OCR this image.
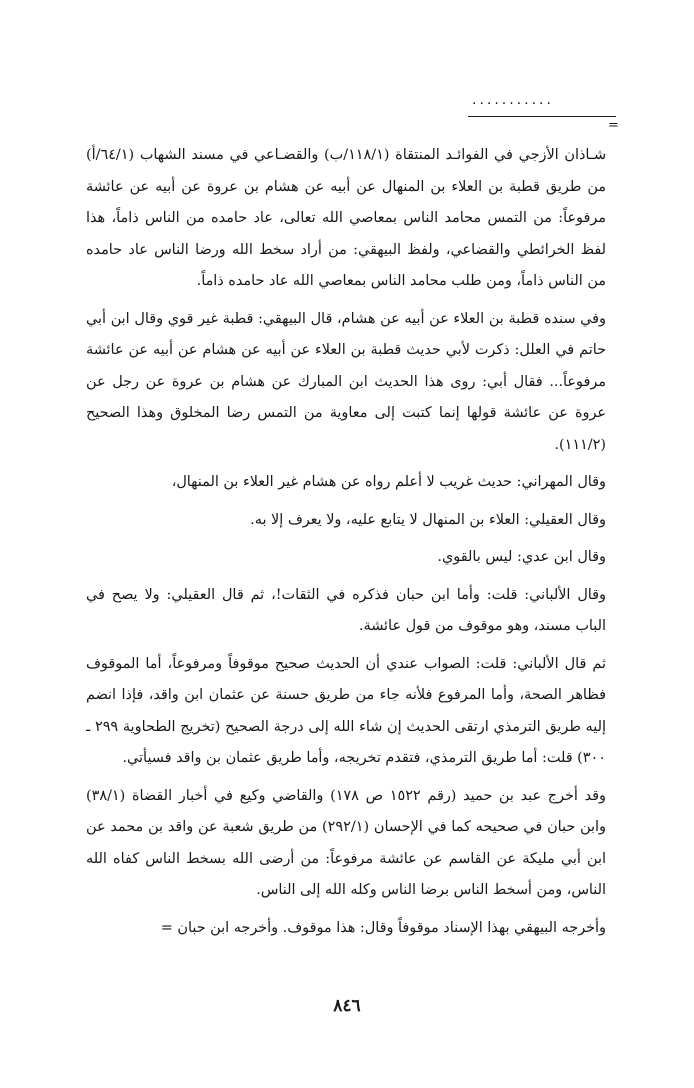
...........
=

شـاذان الأزجي في الفوائـد المنتقاة (١١٨/١/ب) والقضـاعي في مسند الشهاب (٦٤/١/أ) من طريق قطبة بن العلاء بن المنهال عن أبيه عن هشام بن عروة عن أبيه عن عائشة مرفوعاً: من التمس محامد الناس بمعاصي الله تعالى، عاد حامده من الناس ذاماً، هذا لفظ الخرائطي والقضاعي، ولفظ البيهقي: من أراد سخط الله ورضا الناس عاد حامده من الناس ذاماً، ومن طلب محامد الناس بمعاصي الله عاد حامده ذاماً.

وفي سنده قطبة بن العلاء عن أبيه عن هشام، قال البيهقي: قطبة غير قوي وقال ابن أبي حاتم في العلل: ذكرت لأبي حديث قطبة بن العلاء عن أبيه عن هشام عن أبيه عن عائشة مرفوعاً... فقال أبي: روى هذا الحديث ابن المبارك عن هشام بن عروة عن رجل عن عروة عن عائشة قولها إنما كتبت إلى معاوية من التمس رضا المخلوق وهذا الصحيح (١١١/٢).

وقال المهراني: حديث غريب لا أعلم رواه عن هشام غير العلاء بن المنهال،

وقال العقيلي: العلاء بن المنهال لا يتابع عليه، ولا يعرف إلا به.

وقال ابن عدي: ليس بالقوي.

وقال الألباني: قلت: وأما ابن حبان فذكره في الثقات!، ثم قال العقيلي: ولا يصح في الباب مسند، وهو موقوف من قول عائشة.

ثم قال الألباني: قلت: الصواب عندي أن الحديث صحيح موقوفاً ومرفوعاً، أما الموقوف فظاهر الصحة، وأما المرفوع فلأنه جاء من طريق حسنة عن عثمان ابن واقد، فإذا انضم إليه طريق الترمذي ارتقى الحديث إن شاء الله إلى درجة الصحيح (تخريج الطحاوية ٢٩٩ ـ ٣٠٠) قلت: أما طريق الترمذي، فتقدم تخريجه، وأما طريق عثمان بن واقد فسيأتي.

وقد أخرج عبد بن حميد (رقم ١٥٢٢ ص ١٧٨) والقاضي وكيع في أخبار القضاة (٣٨/١) وابن حبان في صحيحه كما في الإحسان (٢٩٢/١) من طريق شعبة عن واقد بن محمد عن ابن أبي مليكة عن القاسم عن عائشة مرفوعاً: من أرضى الله بسخط الناس كفاه الله الناس، ومن أسخط الناس برضا الناس وكله الله إلى الناس.

وأخرجه البيهقي بهذا الإسناد موقوفاً وقال: هذا موقوف. وأخرجه ابن حبان =

٨٤٦
